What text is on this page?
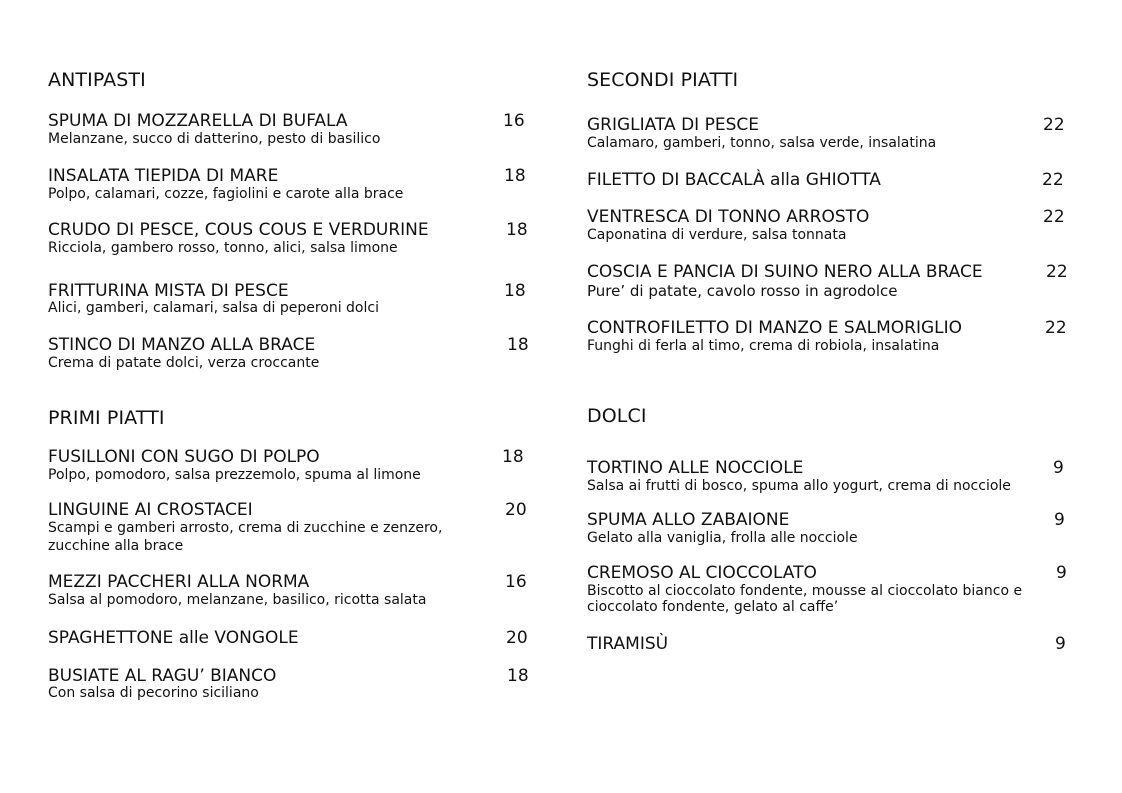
ANTIPASTI
SPUMA DI MOZZARELLA DI BUFALA	16
Melanzane, succo di datterino, pesto di basilico
INSALATA TIEPIDA DI MARE	18
Polpo, calamari, cozze, fagiolini e carote alla brace
CRUDO DI PESCE, COUS COUS E VERDURINE	18
Ricciola, gambero rosso, tonno, alici, salsa limone
FRITTURINA MISTA DI PESCE	18
Alici, gamberi, calamari, salsa di peperoni dolci
STINCO DI MANZO ALLA BRACE	18
Crema di patate dolci, verza croccante
PRIMI PIATTI
FUSILLONI CON SUGO DI POLPO	18
Polpo, pomodoro, salsa prezzemolo, spuma al limone
LINGUINE AI CROSTACEI	20
Scampi e gamberi arrosto, crema di zucchine e zenzero,
zucchine alla brace
MEZZI PACCHERI ALLA NORMA	16
Salsa al pomodoro, melanzane, basilico, ricotta salata
SPAGHETTONE alle VONGOLE	20
BUSIATE AL RAGU’ BIANCO	18
Con salsa di pecorino siciliano
SECONDI PIATTI
GRIGLIATA DI PESCE	22
Calamaro, gamberi, tonno, salsa verde, insalatina
FILETTO DI BACCALÀ alla GHIOTTA	22
VENTRESCA DI TONNO ARROSTO	22
Caponatina di verdure, salsa tonnata
COSCIA E PANCIA DI SUINO NERO ALLA BRACE	22
Pure’ di patate, cavolo rosso in agrodolce
CONTROFILETTO DI MANZO E SALMORIGLIO	22
Funghi di ferla al timo, crema di robiola, insalatina
DOLCI
TORTINO ALLE NOCCIOLE	9
Salsa ai frutti di bosco, spuma allo yogurt, crema di nocciole
SPUMA ALLO ZABAIONE	9
Gelato alla vaniglia, frolla alle nocciole
CREMOSO AL CIOCCOLATO	9
Biscotto al cioccolato fondente, mousse al cioccolato bianco e
cioccolato fondente, gelato al caffe’
TIRAMISÙ	9
